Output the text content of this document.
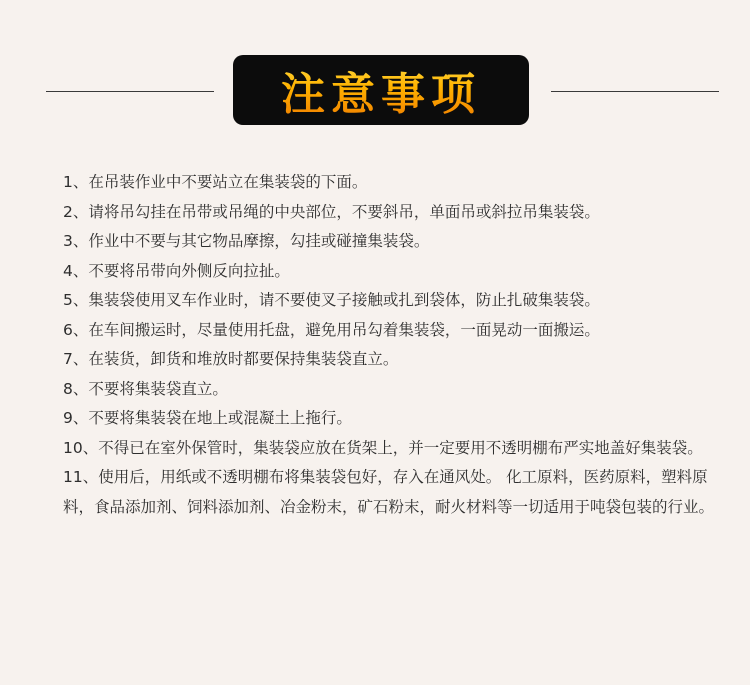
注意事项
1、在吊装作业中不要站立在集装袋的下面。
2、请将吊勾挂在吊带或吊绳的中央部位，不要斜吊，单面吊或斜拉吊集装袋。
3、作业中不要与其它物品摩擦，勾挂或碰撞集装袋。
4、不要将吊带向外侧反向拉扯。
5、集装袋使用叉车作业时，请不要使叉子接触或扎到袋体，防止扎破集装袋。
6、在车间搬运时，尽量使用托盘，避免用吊勾着集装袋，一面晃动一面搬运。
7、在装货，卸货和堆放时都要保持集装袋直立。
8、不要将集装袋直立。
9、不要将集装袋在地上或混凝土上拖行。
10、不得已在室外保管时，集装袋应放在货架上，并一定要用不透明棚布严实地盖好集装袋。
11、使用后，用纸或不透明棚布将集装袋包好，存入在通风处。 化工原料，医药原料，塑料原料，食品添加剂、饲料添加剂、冶金粉末，矿石粉末，耐火材料等一切适用于吨袋包装的行业。
